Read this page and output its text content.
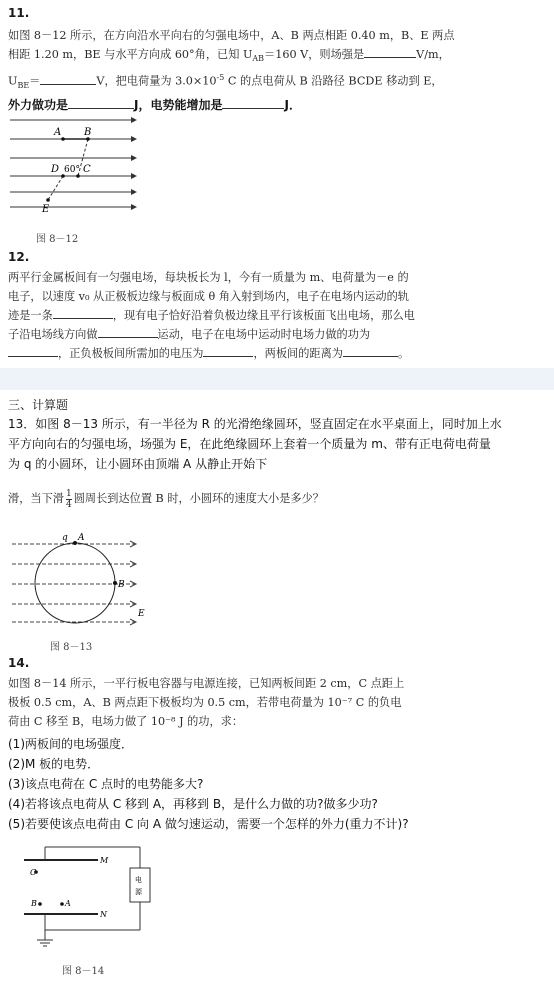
11.
如图 8－12 所示，在方向沿水平向右的匀强电场中，A、B 两点相距 0.40 m，B、E 两点
相距 1.20 m，BE 与水平方向成 60°角，已知 $U_{AB}=160$ V，则场强是	V/m，
$U_{BE}=$	V，把电荷量为 $3.0\times 10^{-5}$ C 的点电荷从 B 沿路径 BCDE 移动到 E，
外力做功是	J，电势能增加是	J．
A B
D 60° C
E
图 8－12
12.
两平行金属板间有一匀强电场，每块板长为 l，今有一质量为 m、电荷量为－e 的
电子，以速度 v₀ 从正极板边缘与板面成 θ 角入射到场内，电子在电场内运动的轨
迹是一条	，现有电子恰好沿着负极边缘且平行该板面飞出电场，那么电
子沿电场线方向做	运动，电子在电场中运动时电场力做的功为
，正负极板间所需加的电压为	，两板间的距离为	。
三、计算题
13．如图 8－13 所示，有一半径为 R 的光滑绝缘圆环，竖直固定在水平桌面上，同时加上水
平方向向右的匀强电场，场强为 E，在此绝缘圆环上套着一个质量为 m、带有正电荷电荷量
为 q 的小圆环，让小圆环由顶端 A 从静止开始下
滑，当下滑 $\frac{1}{4}$ 圆周长到达位置 B 时，小圆环的速度大小是多少？
q A
B
E
图 8－13
14.
如图 8－14 所示，一平行板电容器与电源连接，已知两板间距 2 cm，C 点距上
极板 0.5 cm，A、B 两点距下极板均为 0.5 cm，若带电荷量为 10⁻⁷ C 的负电
荷由 C 移至 B，电场力做了 10⁻⁸ J 的功，求：
(1)两板间的电场强度．
(2)M 板的电势．
(3)该点电荷在 C 点时的电势能多大?
(4)若将该点电荷从 C 移到 A，再移到 B，是什么力做的功?做多少功?
(5)若要使该点电荷由 C 向 A 做匀速运动，需要一个怎样的外力(重力不计)?
M
C
B	A
N
电
源
图 8－14
